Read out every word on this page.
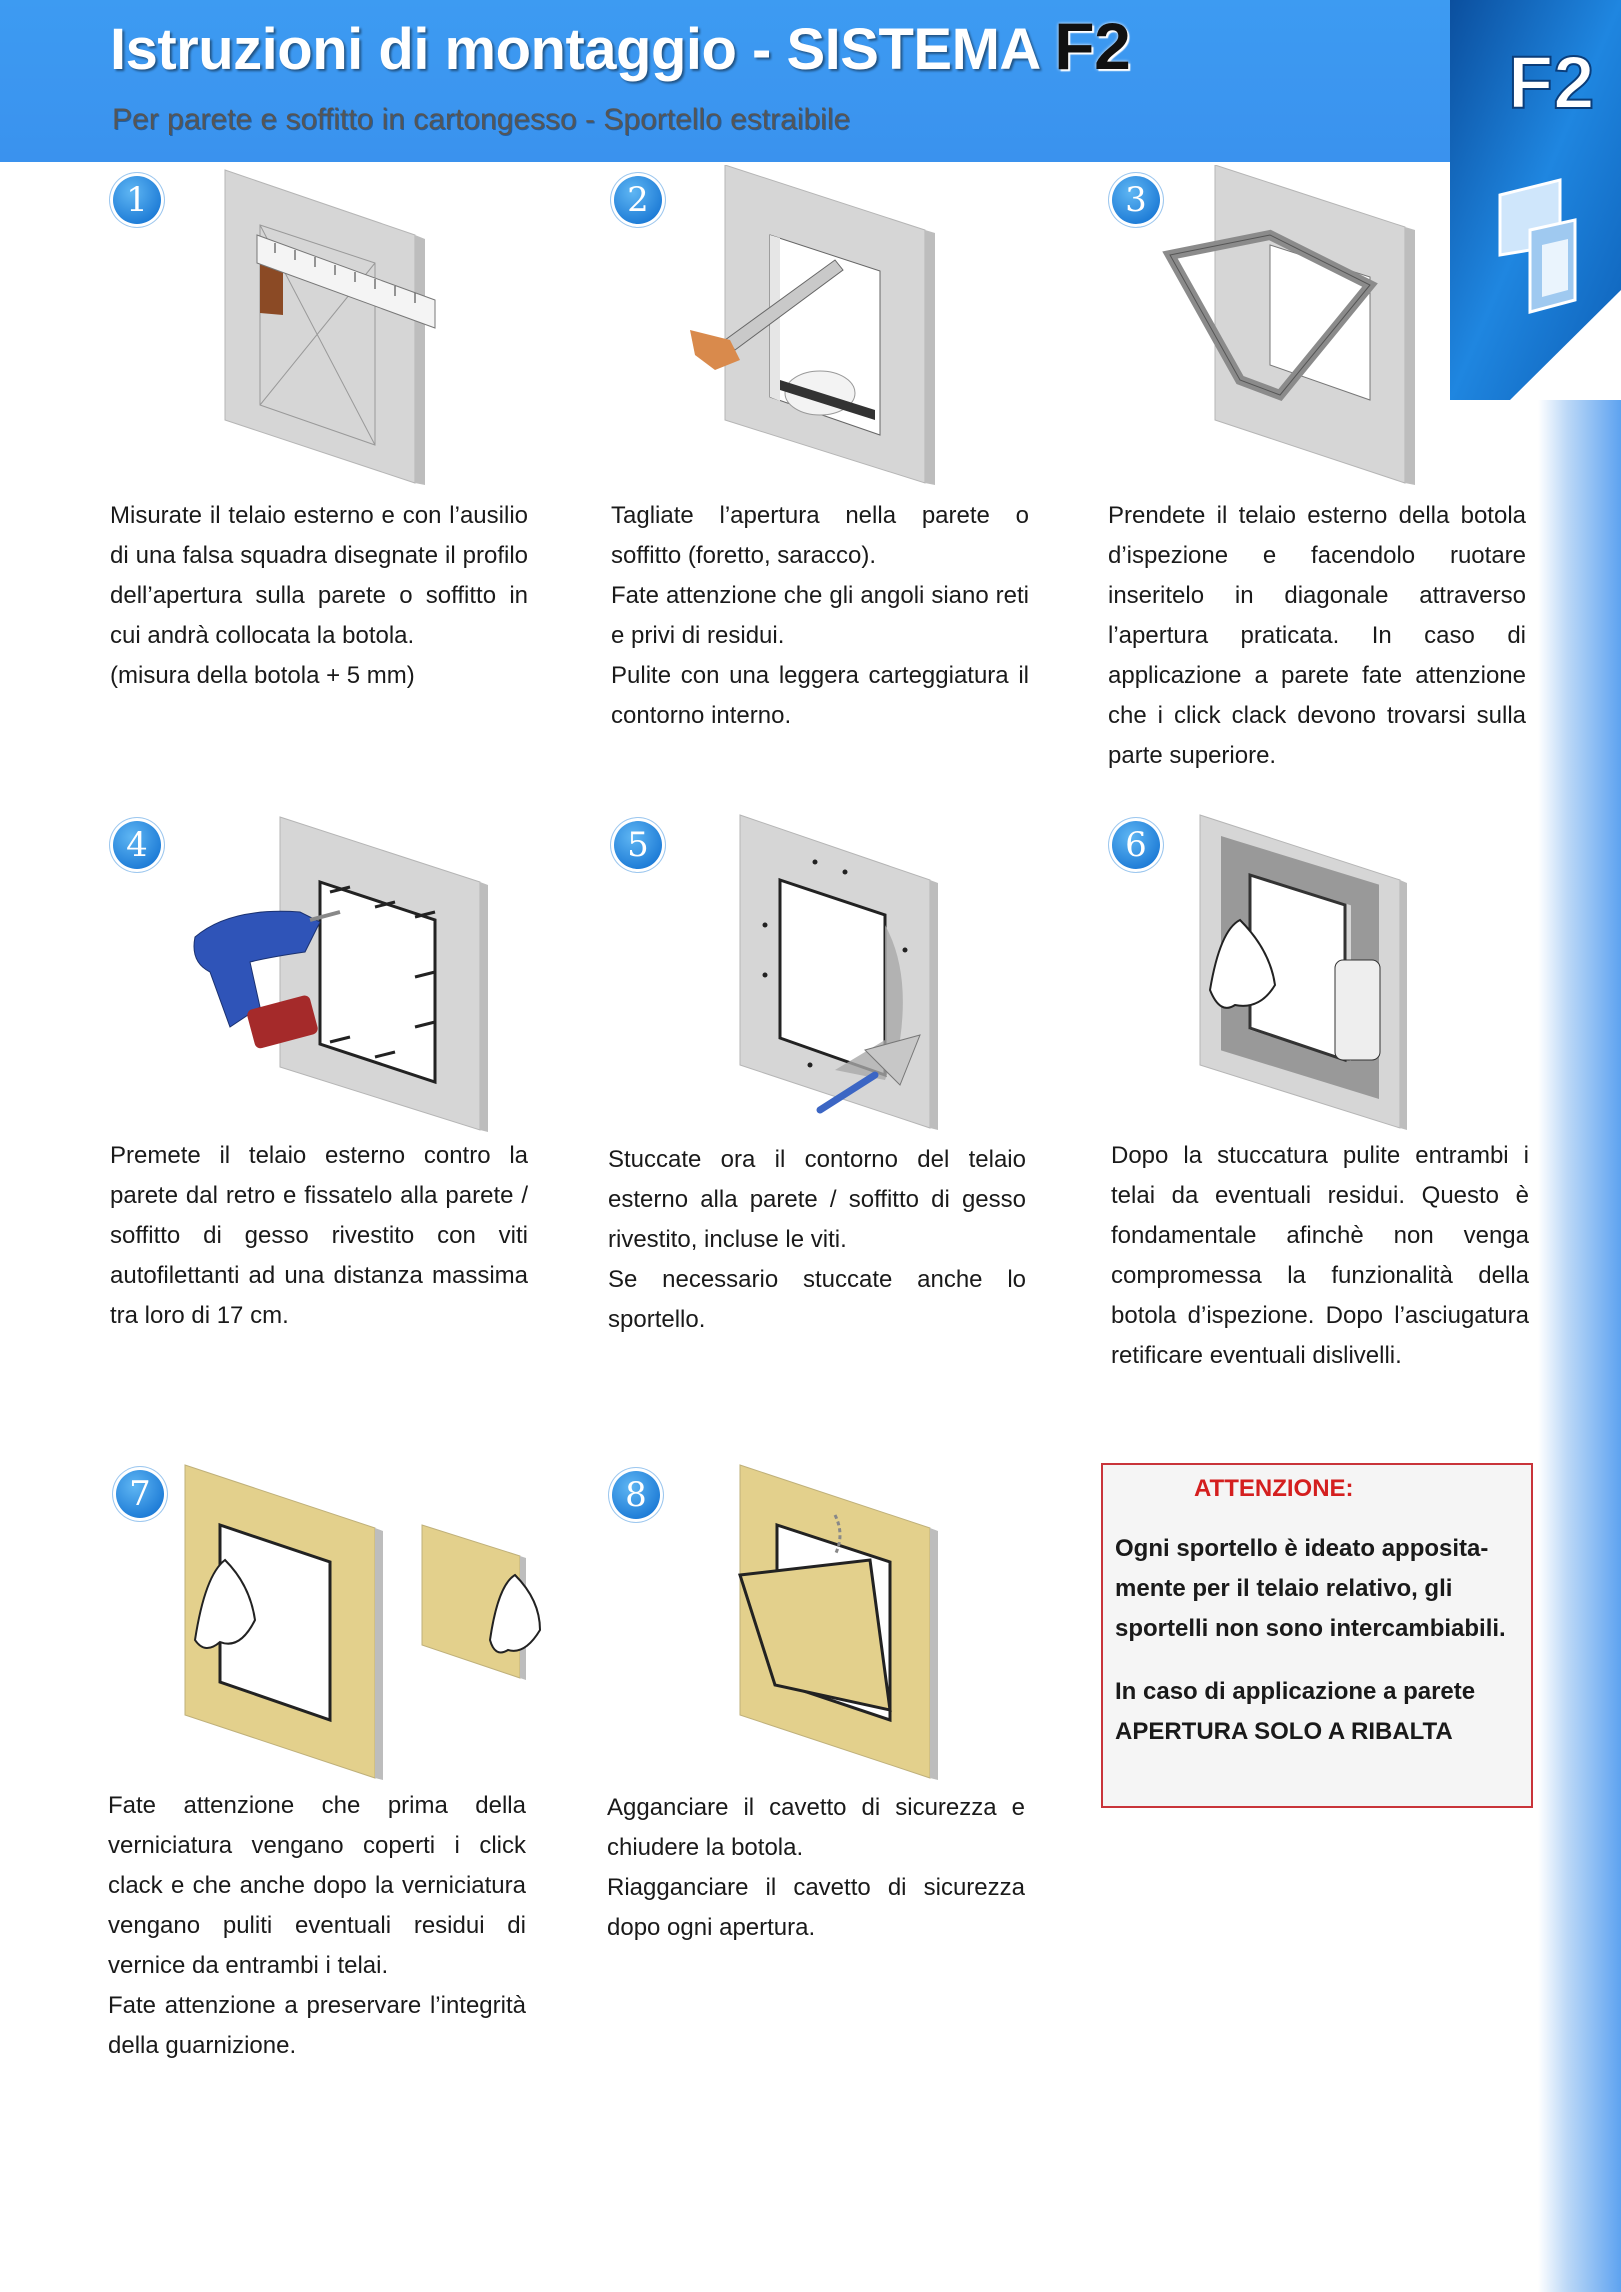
Istruzioni di montaggio - SISTEMA F2
Per parete e soffitto in cartongesso - Sportello estraibile	F2
1

Misurate il telaio esterno e con l’ausilio di una falsa squadra disegnate il profilo dell’apertura sulla parete o soffitto in cui andrà collocata la botola.

(misura della botola + 5 mm)

2

Tagliate l’apertura nella parete o soffitto (foretto, saracco).

Fate attenzione che gli angoli siano reti e privi di residui.

Pulite con una leggera carteggiatura il contorno interno.

3

Prendete il telaio esterno della botola d’ispezione e facendolo ruotare inseritelo in diagonale attraverso l’apertura praticata. In caso di applicazione a parete fate attenzione che i click clack devono trovarsi sulla parte superiore.

4

Premete il telaio esterno contro la parete dal retro e fissatelo alla parete / soffitto di gesso rivestito con viti autofilettanti ad una distanza massima tra loro di 17 cm.

5

Stuccate ora il contorno del telaio esterno alla parete / soffitto di gesso rivestito, incluse le viti.

Se necessario stuccate anche lo sportello.

6

Dopo la stuccatura pulite entrambi i telai da eventuali residui. Questo è fondamentale afinchè non venga compromessa la funzionalità della botola d’ispezione. Dopo l’asciugatura retificare eventuali dislivelli.

7

Fate attenzione che prima della verniciatura vengano coperti i click clack e che anche dopo la verniciatura vengano puliti eventuali residui di vernice da entrambi i telai.

Fate attenzione a preservare l’integrità della guarnizione.

8

Agganciare il cavetto di sicurezza e chiudere la botola.

Riagganciare il cavetto di sicurezza dopo ogni apertura.

ATTENZIONE:
Ogni sportello è ideato apposita-mente per il telaio relativo, gli sportelli non sono intercambiabili.
In caso di applicazione a parete APERTURA SOLO A RIBALTA
